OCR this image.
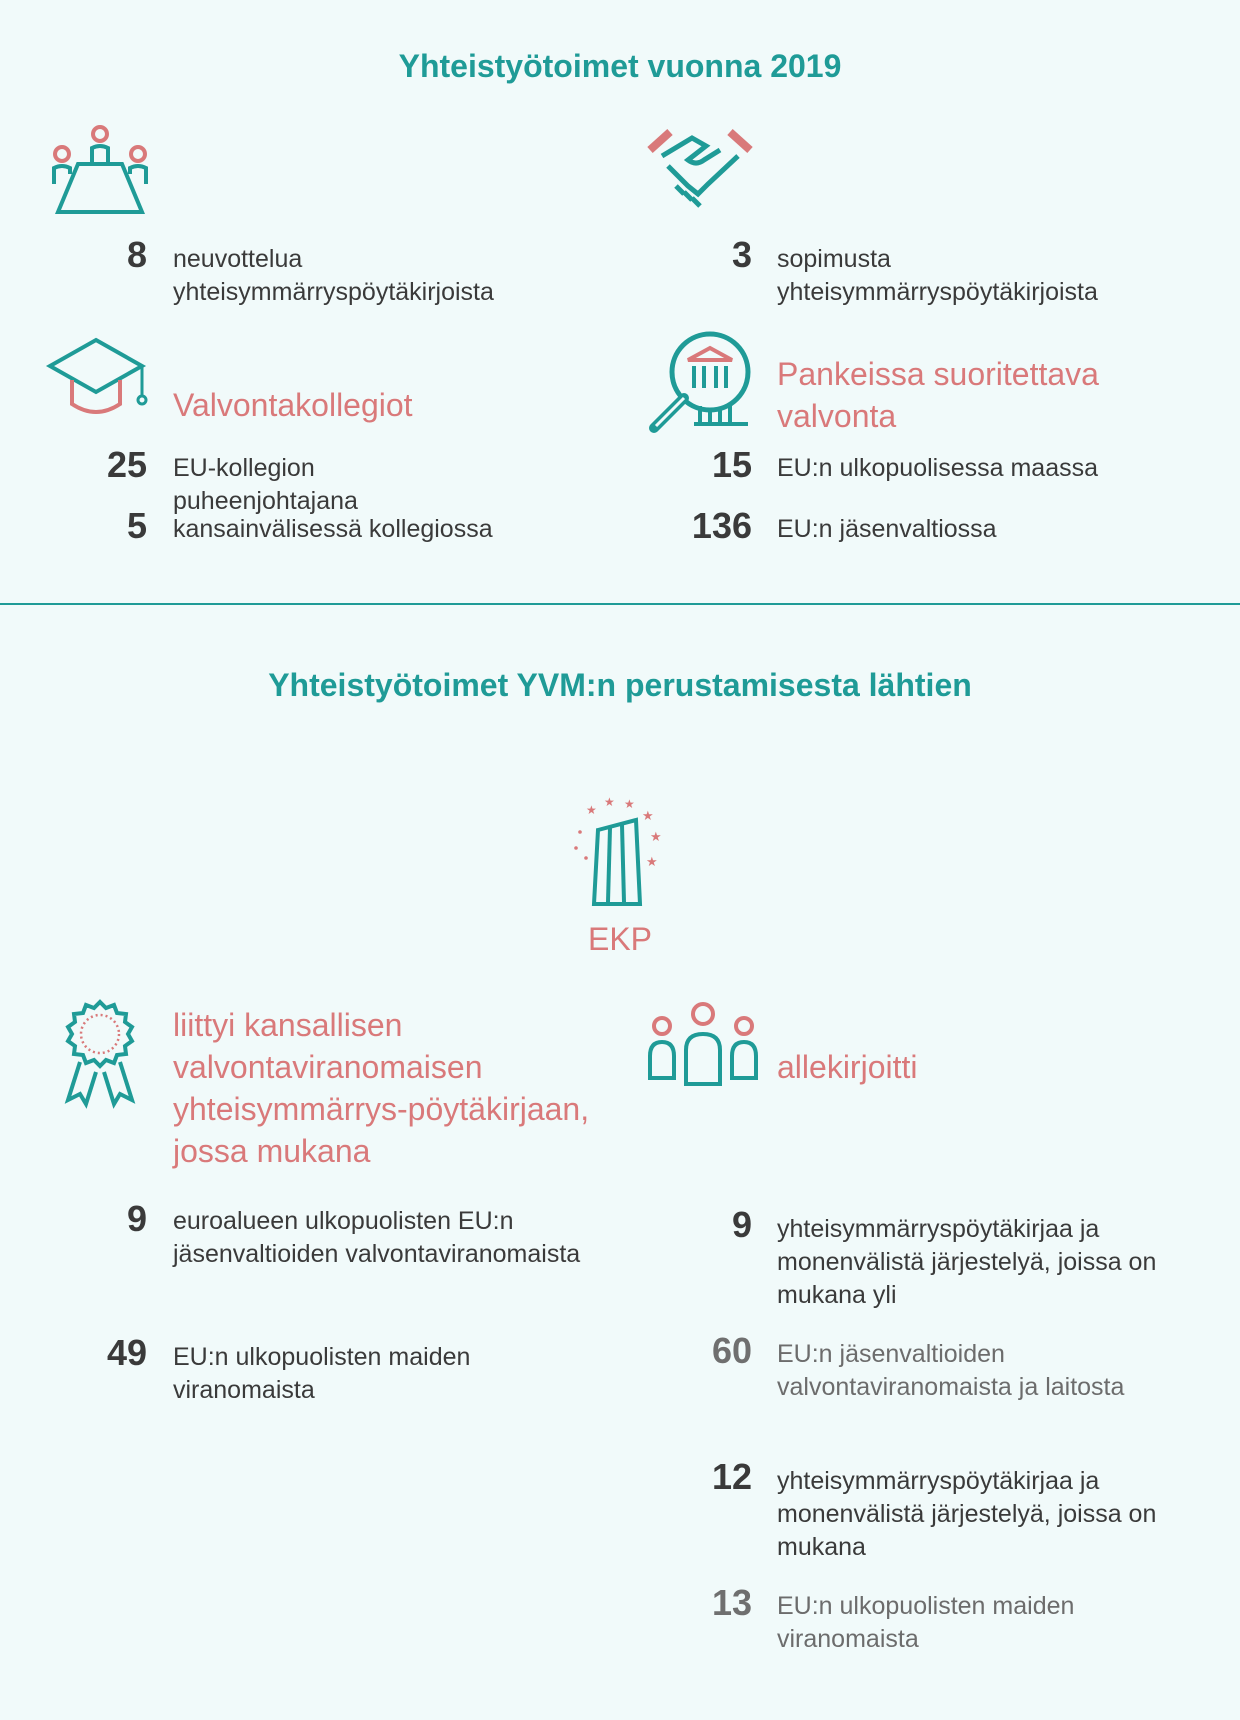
Yhteistyötoimet vuonna 2019
8 neuvottelua yhteisymmärryspöytäkirjoista
3 sopimusta yhteisymmärryspöytäkirjoista
Valvontakollegiot
25 EU-kollegion puheenjohtajana
5 kansainvälisessä kollegiossa
Pankeissa suoritettava valvonta
15 EU:n ulkopuolisessa maassa
136 EU:n jäsenvaltiossa
Yhteistyötoimet YVM:n perustamisesta lähtien
★
★ ★
★
★
★
EKP
liittyi kansallisen valvontaviranomaisen yhteisymmärrys-pöytäkirjaan, jossa mukana
9 euroalueen ulkopuolisten EU:n jäsenvaltioiden valvontaviranomaista
49 EU:n ulkopuolisten maiden viranomaista
allekirjoitti
9 yhteisymmärryspöytäkirjaa ja monenvälistä järjestelyä, joissa on mukana yli
60 EU:n jäsenvaltioiden valvontaviranomaista ja laitosta
12 yhteisymmärryspöytäkirjaa ja monenvälistä järjestelyä, joissa on mukana
13 EU:n ulkopuolisten maiden viranomaista
